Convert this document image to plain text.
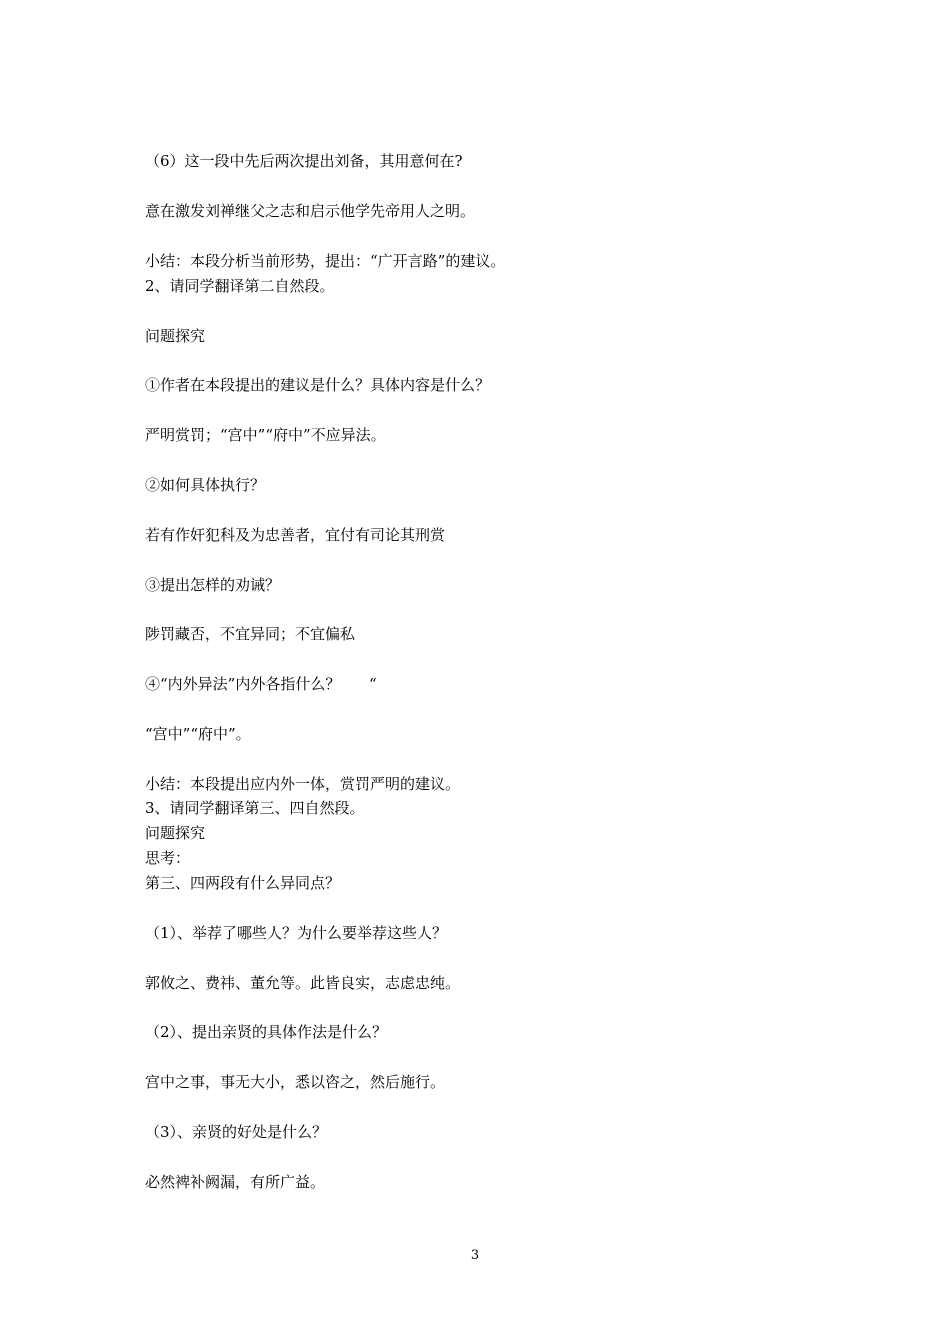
（6）这一段中先后两次提出刘备，其用意何在?
意在激发刘禅继父之志和启示他学先帝用人之明。
小结：本段分析当前形势，提出：“广开言路”的建议。
2、请同学翻译第二自然段。
问题探究
①作者在本段提出的建议是什么？具体内容是什么？
严明赏罚；“宫中”“府中”不应异法。
②如何具体执行？
若有作奸犯科及为忠善者，宜付有司论其刑赏
③提出怎样的劝诫？
陟罚藏否，不宜异同；不宜偏私
④“内外异法”内外各指什么？      “
“宫中”“府中”。
小结：本段提出应内外一体，赏罚严明的建议。
3、请同学翻译第三、四自然段。
问题探究
思考：
第三、四两段有什么异同点？
（1）、举荐了哪些人？为什么要举荐这些人？
郭攸之、费祎、董允等。此皆良实，志虑忠纯。
（2）、提出亲贤的具体作法是什么？
宫中之事，事无大小，悉以咨之，然后施行。
（3）、亲贤的好处是什么？
必然裨补阙漏，有所广益。
3
